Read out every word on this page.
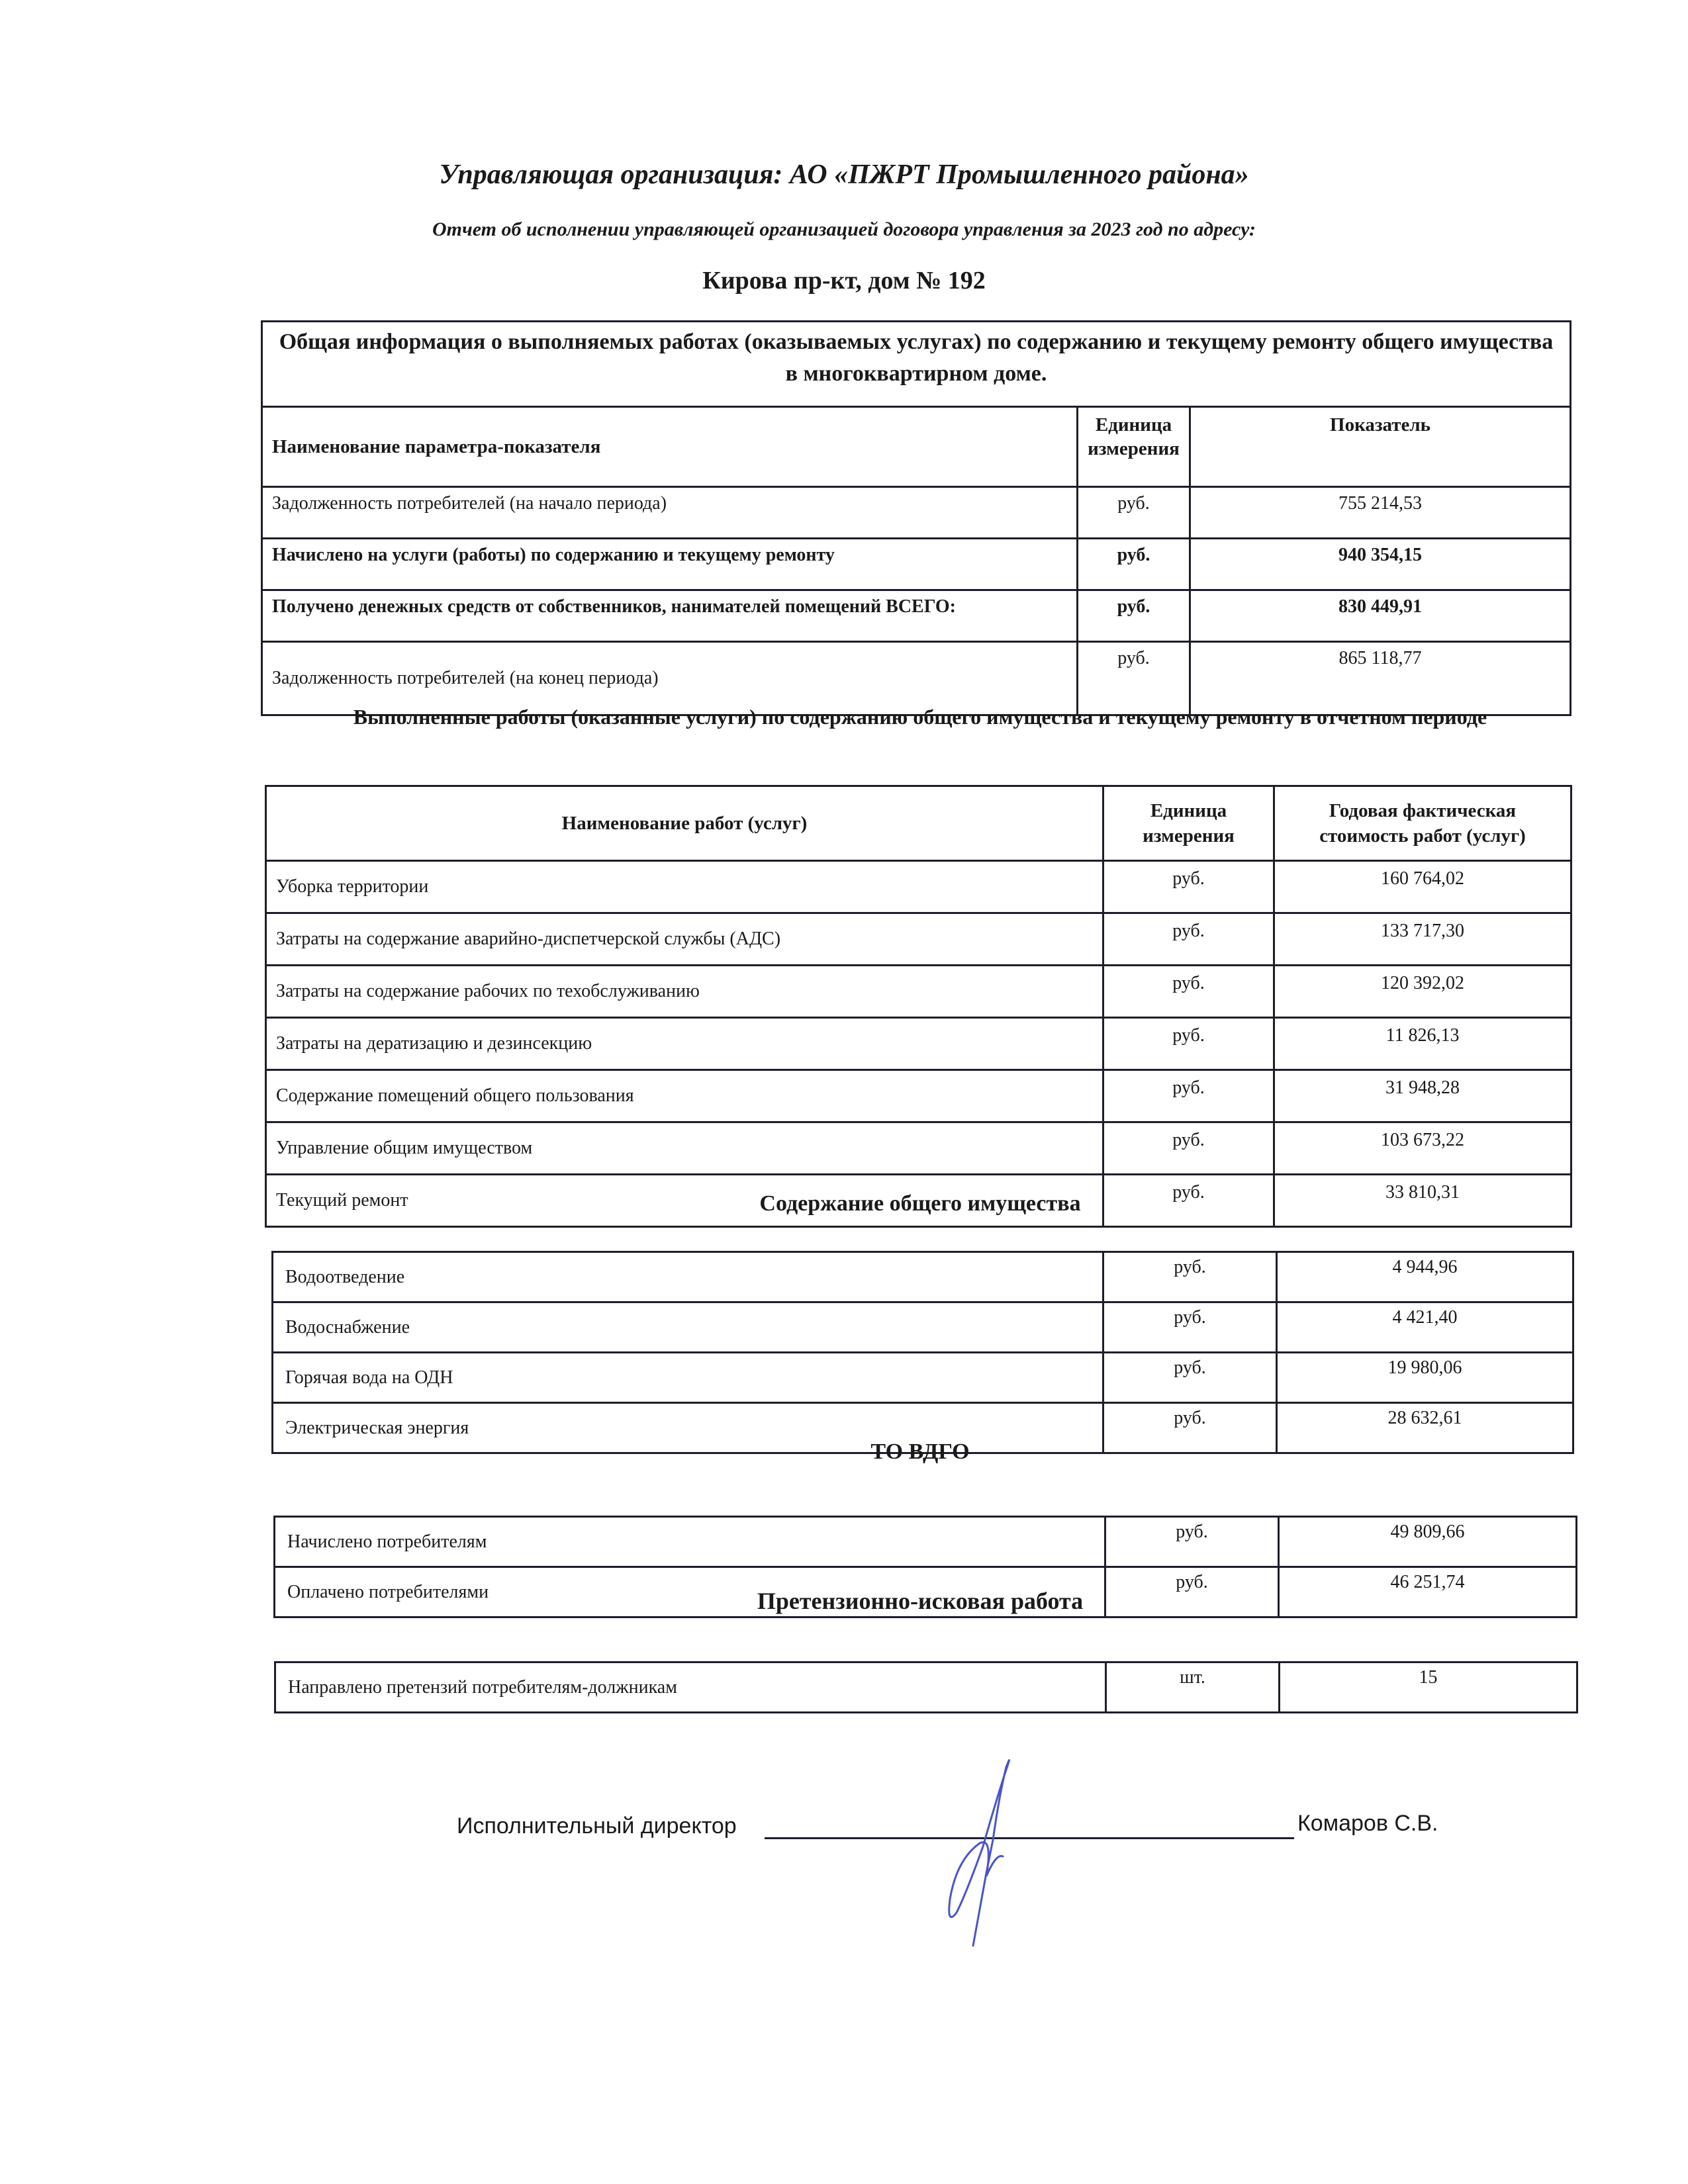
Управляющая организация: АО «ПЖРТ Промышленного района»
Отчет об исполнении управляющей организацией договора управления за 2023 год по адресу:
Кирова пр-кт, дом № 192
Общая информация о выполняемых работах (оказываемых услугах) по содержанию и текущему ремонту общего имущества в многоквартирном доме.		
Наименование параметра-показателя	Единица измерения	Показатель
Задолженность потребителей (на начало периода)	руб.	755 214,53
Начислено на услуги (работы) по содержанию и текущему ремонту	руб.	940 354,15
Получено денежных средств от собственников, нанимателей помещений ВСЕГО:	руб.	830 449,91
Задолженность потребителей (на конец периода)	руб.	865 118,77
Выполненные работы (оказанные услуги) по содержанию общего имущества и текущему ремонту в отчетном периоде
Наименование работ (услуг)	Единица измерения	Годовая фактическая стоимость работ (услуг)
Уборка территории	руб.	160 764,02
Затраты на содержание аварийно-диспетчерской службы (АДС)	руб.	133 717,30
Затраты на содержание рабочих по техобслуживанию	руб.	120 392,02
Затраты на дератизацию и дезинсекцию	руб.	11 826,13
Содержание помещений общего пользования	руб.	31 948,28
Управление общим имуществом	руб.	103 673,22
Текущий ремонт	руб.	33 810,31
Содержание общего имущества
Водоотведение	руб.	4 944,96
Водоснабжение	руб.	4 421,40
Горячая вода на ОДН	руб.	19 980,06
Электрическая энергия	руб.	28 632,61
ТО ВДГО
Начислено потребителям	руб.	49 809,66
Оплачено потребителями	руб.	46 251,74
Претензионно-исковая работа
Направлено претензий потребителям-должникам	шт.	15
Исполнительный директор	Комаров С.В.
